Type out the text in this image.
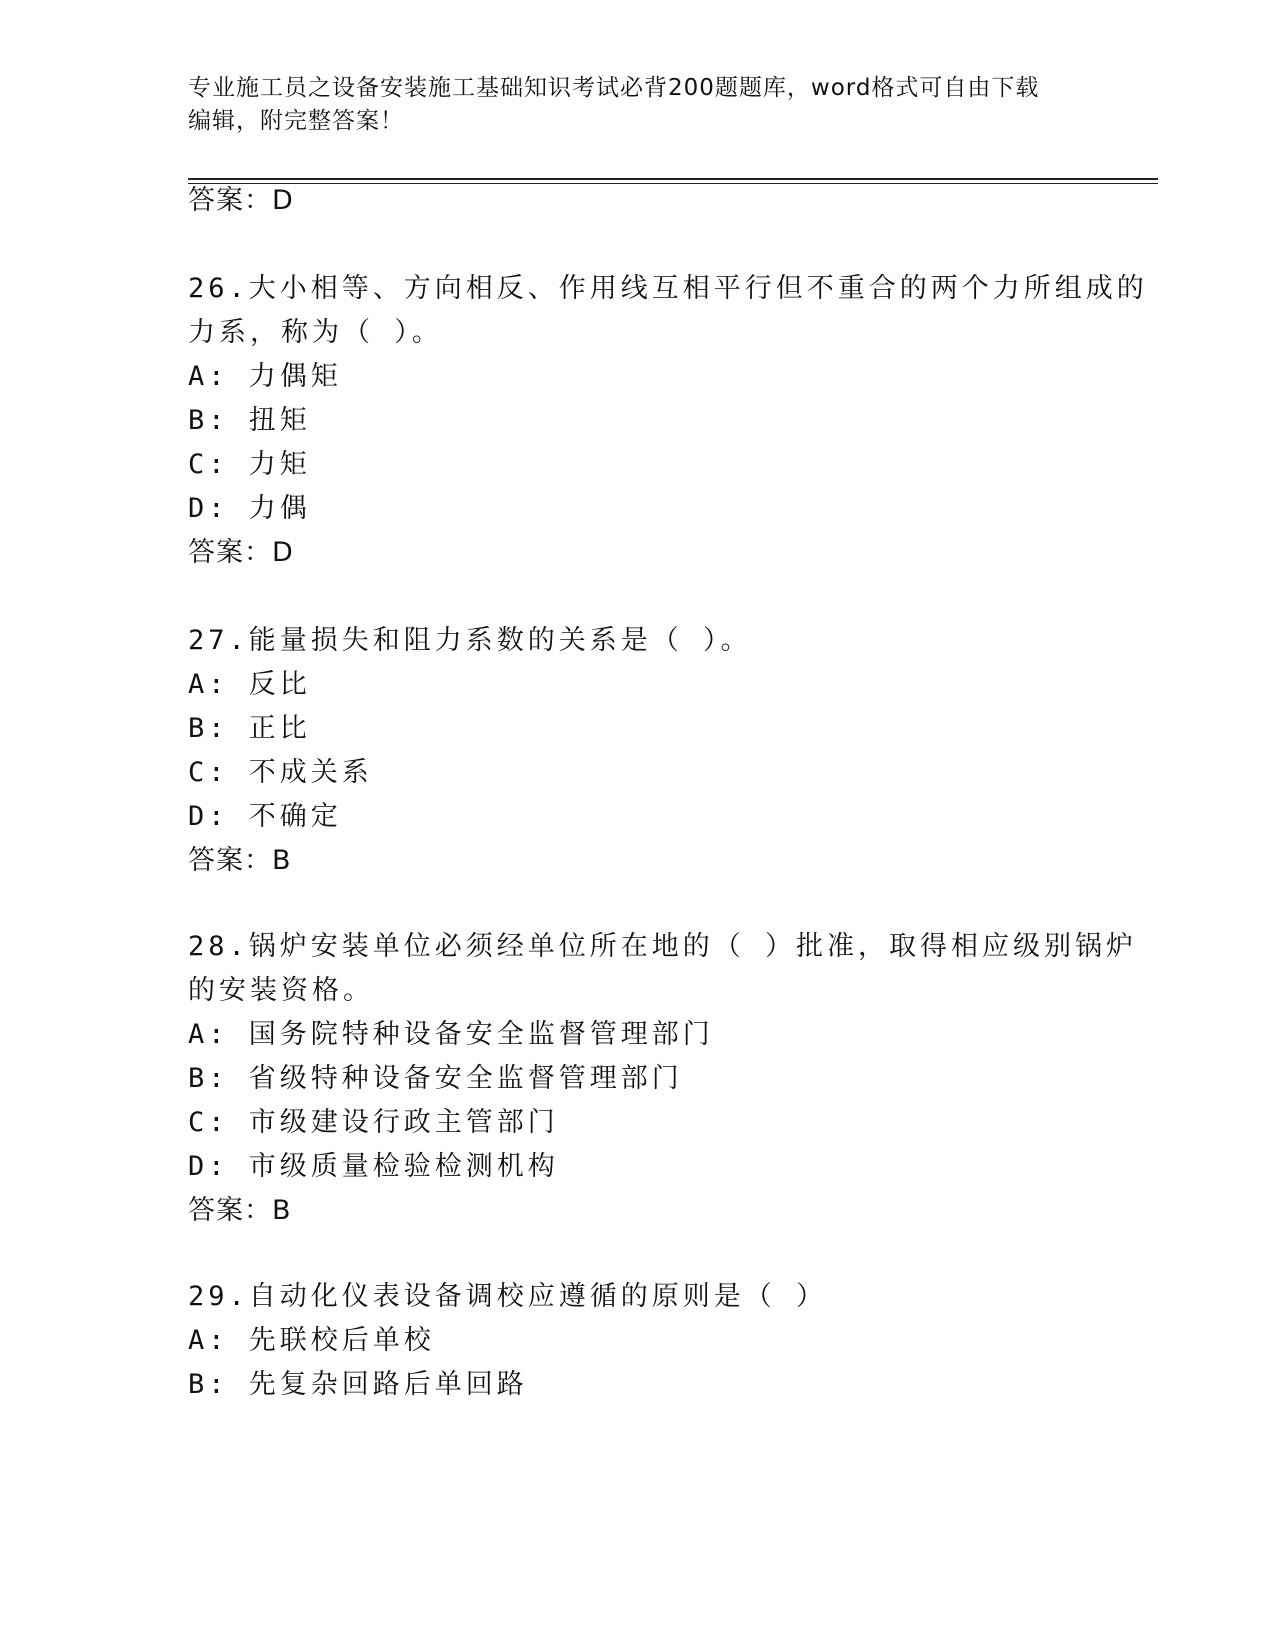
专业施工员之设备安装施工基础知识考试必背200题题库，word格式可自由下载

编辑，附完整答案！

答案：D
26.大小相等、方向相反、作用线互相平行但不重合的两个力所组成的
力系，称为（ ）。
A: 力偶矩
B: 扭矩
C: 力矩
D: 力偶
答案：D
27.能量损失和阻力系数的关系是（ ）。
A: 反比
B: 正比
C: 不成关系
D: 不确定
答案：B
28.锅炉安装单位必须经单位所在地的（ ）批准，取得相应级别锅炉
的安装资格。
A: 国务院特种设备安全监督管理部门
B: 省级特种设备安全监督管理部门
C: 市级建设行政主管部门
D: 市级质量检验检测机构
答案：B
29.自动化仪表设备调校应遵循的原则是（ ）
A: 先联校后单校
B: 先复杂回路后单回路
